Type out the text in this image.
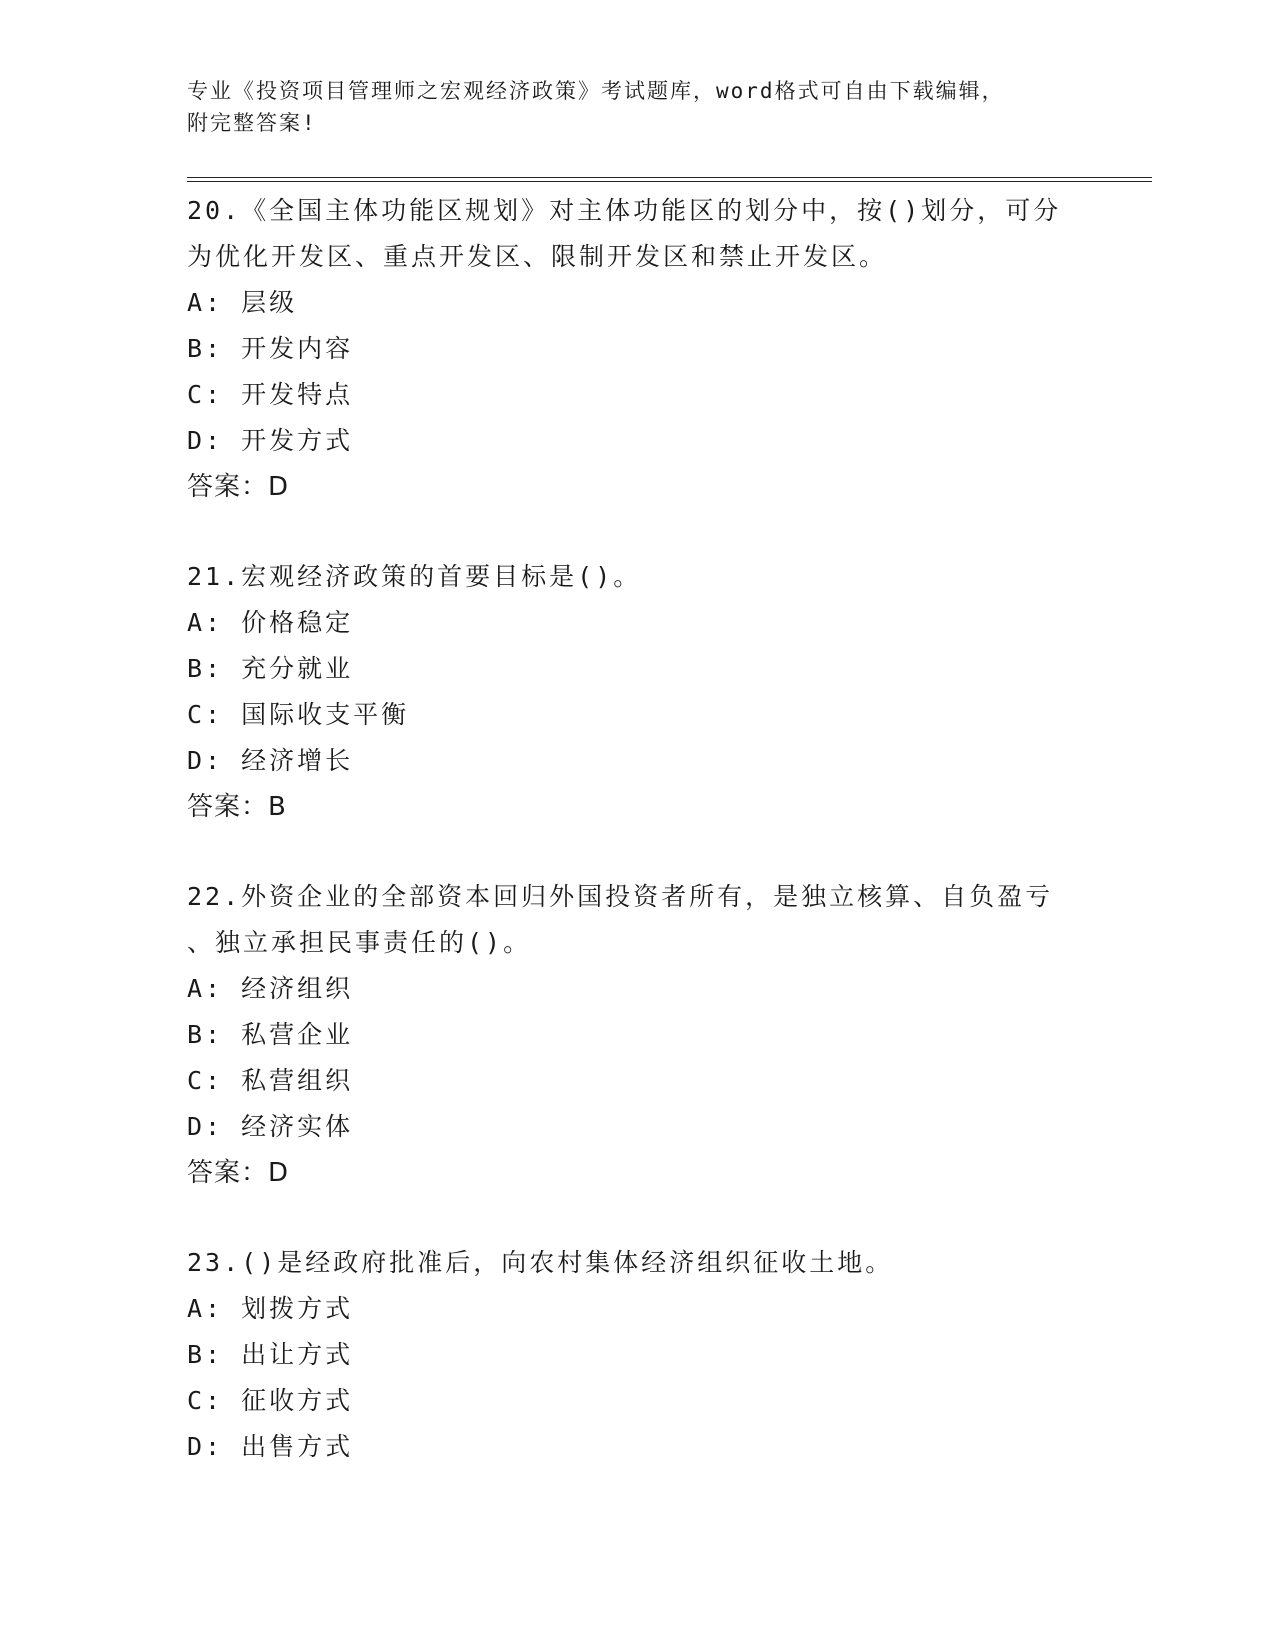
专业《投资项目管理师之宏观经济政策》考试题库，word格式可自由下载编辑，
附完整答案!
20.《全国主体功能区规划》对主体功能区的划分中，按()划分，可分
为优化开发区、重点开发区、限制开发区和禁止开发区。
A: 层级
B: 开发内容
C: 开发特点
D: 开发方式
答案：D
21.宏观经济政策的首要目标是()。
A: 价格稳定
B: 充分就业
C: 国际收支平衡
D: 经济增长
答案：B
22.外资企业的全部资本回归外国投资者所有，是独立核算、自负盈亏
、独立承担民事责任的()。
A: 经济组织
B: 私营企业
C: 私营组织
D: 经济实体
答案：D
23.()是经政府批准后，向农村集体经济组织征收土地。
A: 划拨方式
B: 出让方式
C: 征收方式
D: 出售方式
